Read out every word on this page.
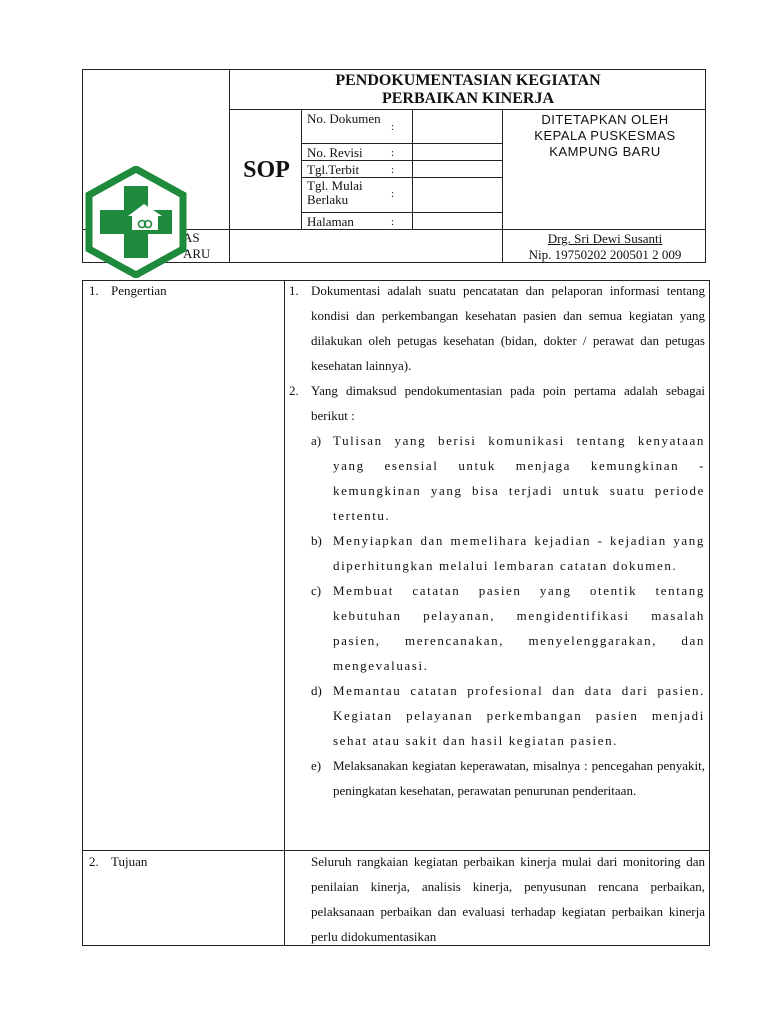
PENDOKUMENTASIAN KEGIATAN
PERBAIKAN KINERJA
SOP
No. Dokumen
:
No. Revisi	:
Tgl.Terbit	:
Tgl. Mulai Berlaku	:
Halaman	:
DITETAPKAN OLEH
KEPALA PUSKESMAS
KAMPUNG BARU
Drg. Sri Dewi Susanti
Nip. 19750202 200501 2 009
AS
ARU
1. Pengertian	1. Dokumentasi adalah suatu pencatatan dan pelaporan informasi tentang kondisi dan perkembangan kesehatan pasien dan semua kegiatan yang dilakukan oleh petugas kesehatan (bidan, dokter / perawat dan petugas kesehatan lainnya).
2. Yang dimaksud pendokumentasian pada poin pertama adalah sebagai berikut :
a) Tulisan yang berisi komunikasi tentang kenyataan yang esensial untuk menjaga kemungkinan - kemungkinan yang bisa terjadi untuk suatu periode tertentu.
b) Menyiapkan dan memelihara kejadian - kejadian yang diperhitungkan melalui lembaran catatan dokumen.
c) Membuat catatan pasien yang otentik tentang kebutuhan pelayanan, mengidentifikasi masalah pasien, merencanakan, menyelenggarakan, dan mengevaluasi.
d) Memantau catatan profesional dan data dari pasien. Kegiatan pelayanan perkembangan pasien menjadi sehat atau sakit dan hasil kegiatan pasien.
e) Melaksanakan kegiatan keperawatan, misalnya : pencegahan penyakit, peningkatan kesehatan, perawatan penurunan penderitaan.
2. Tujuan	Seluruh rangkaian kegiatan perbaikan kinerja mulai dari monitoring dan penilaian kinerja, analisis kinerja, penyusunan rencana perbaikan, pelaksanaan perbaikan dan evaluasi terhadap kegiatan perbaikan kinerja perlu didokumentasikan
